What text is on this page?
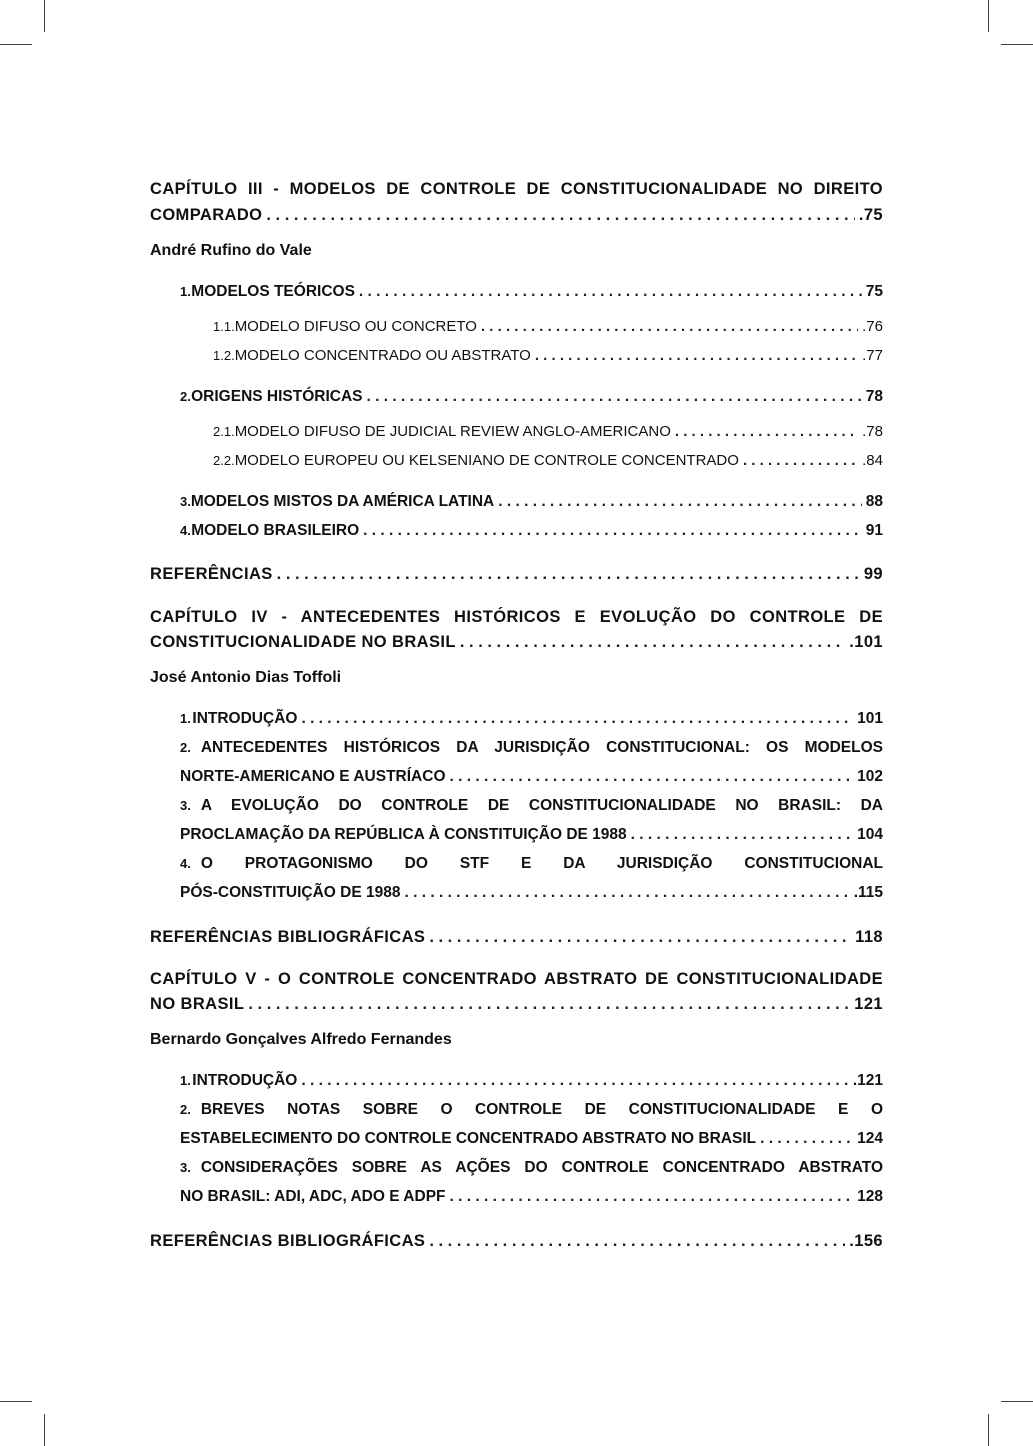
CAPÍTULO III - MODELOS DE CONTROLE DE CONSTITUCIONALIDADE NO DIREITO
COMPARADO . . .	.75
André Rufino do Vale
1. MODELOS TEÓRICOS . . .	75
1.1. MODELO DIFUSO OU CONCRETO . . .	.76
1.2. MODELO CONCENTRADO OU ABSTRATO . . .	.77
2. ORIGENS HISTÓRICAS . . .	78
2.1. MODELO DIFUSO DE JUDICIAL REVIEW ANGLO-AMERICANO . . .	.78
2.2. MODELO EUROPEU OU KELSENIANO DE CONTROLE CONCENTRADO . . .	.84
3. MODELOS MISTOS DA AMÉRICA LATINA . . .	88
4. MODELO BRASILEIRO . . .	91
REFERÊNCIAS . . .	99
CAPÍTULO IV - ANTECEDENTES HISTÓRICOS E EVOLUÇÃO DO CONTROLE DE
CONSTITUCIONALIDADE NO BRASIL . . .	.101
José Antonio Dias Toffoli
1. INTRODUÇÃO . . .	101
2. ANTECEDENTES HISTÓRICOS DA JURISDIÇÃO CONSTITUCIONAL: OS MODELOS
NORTE-AMERICANO E AUSTRÍACO . . .	102
3. A EVOLUÇÃO DO CONTROLE DE CONSTITUCIONALIDADE NO BRASIL: DA
PROCLAMAÇÃO DA REPÚBLICA À CONSTITUIÇÃO DE 1988 . . .	104
4. O PROTAGONISMO DO STF E DA JURISDIÇÃO CONSTITUCIONAL
PÓS-CONSTITUIÇÃO DE 1988 . . .	.115
REFERÊNCIAS BIBLIOGRÁFICAS . . .	118
CAPÍTULO V - O CONTROLE CONCENTRADO ABSTRATO DE CONSTITUCIONALIDADE
NO BRASIL . . .	121
Bernardo Gonçalves Alfredo Fernandes
1. INTRODUÇÃO . . .	.121
2. BREVES NOTAS SOBRE O CONTROLE DE CONSTITUCIONALIDADE E O
ESTABELECIMENTO DO CONTROLE CONCENTRADO ABSTRATO NO BRASIL . . .	124
3. CONSIDERAÇÕES SOBRE AS AÇÕES DO CONTROLE CONCENTRADO ABSTRATO
NO BRASIL: ADI, ADC, ADO E ADPF . . .	128
REFERÊNCIAS BIBLIOGRÁFICAS . . .	.156
